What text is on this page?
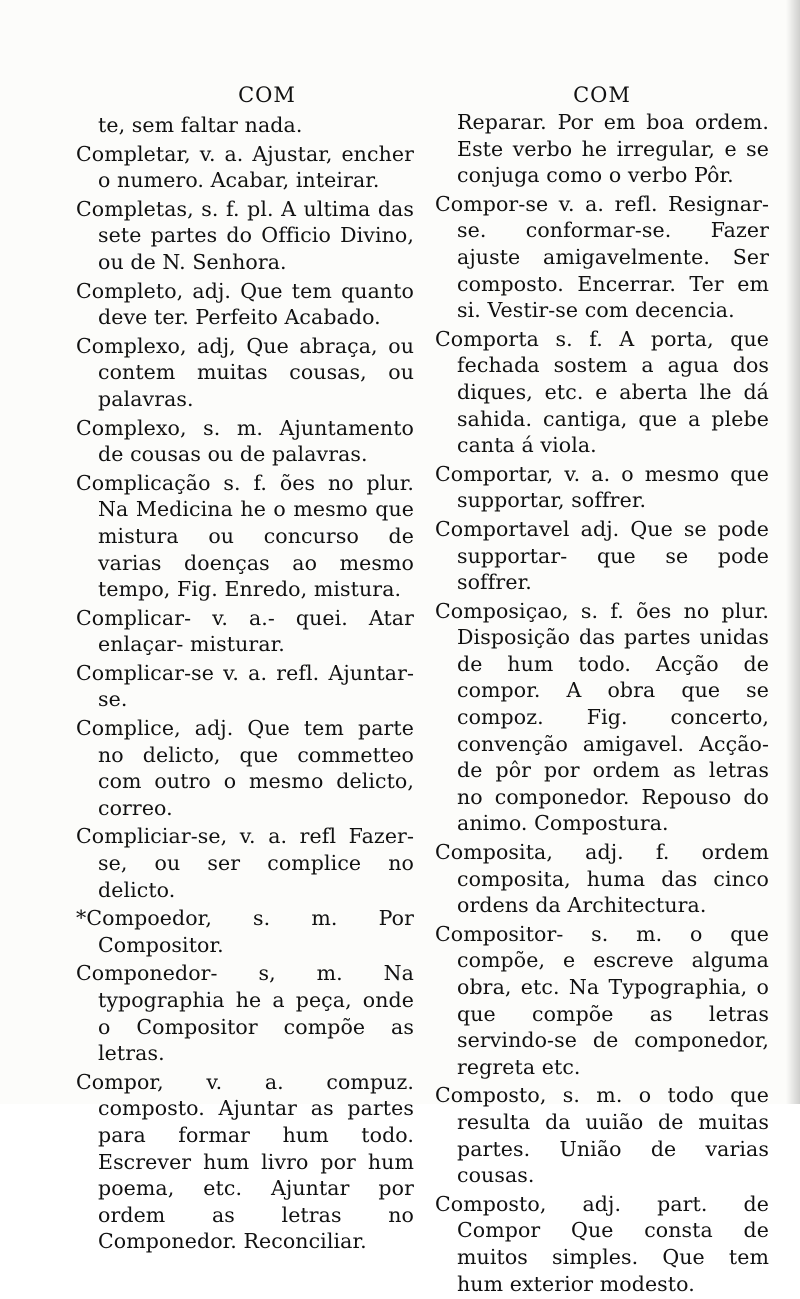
COM

te, sem faltar nada.

Completar, v. a. Ajustar, encher o numero. Acabar, inteirar.

Completas, s. f. pl. A ultima das sete partes do Officio Divino, ou de N. Senhora.

Completo, adj. Que tem quanto deve ter. Perfeito Acabado.

Complexo, adj, Que abraça, ou contem muitas cousas, ou palavras.

Complexo, s. m. Ajuntamento de cousas ou de palavras.

Complicação s. f. ões no plur. Na Medicina he o mesmo que mistura ou concurso de varias doenças ao mesmo tempo, Fig. Enredo, mistura.

Complicar- v. a.- quei. Atar enlaçar- misturar.

Complicar-se v. a. refl. Ajuntar-se.

Complice, adj. Que tem parte no delicto, que commetteo com outro o mesmo delicto, correo.

Compliciar-se, v. a. refl Fazer-se, ou ser complice no delicto.

*Compoedor, s. m. Por Compositor.

Componedor- s, m. Na typographia he a peça, onde o Compositor compõe as letras.

Compor, v. a. compuz. composto. Ajuntar as partes para formar hum todo. Escrever hum livro por hum poema, etc. Ajuntar por ordem as letras no Componedor. Reconciliar.

COM

Reparar. Por em boa ordem. Este verbo he irregular, e se conjuga como o verbo Pôr.

Compor-se v. a. refl. Resignar-se. conformar-se. Fazer ajuste amigavelmente. Ser composto. Encerrar. Ter em si. Vestir-se com decencia.

Comporta s. f. A porta, que fechada sostem a agua dos diques, etc. e aberta lhe dá sahida. cantiga, que a plebe canta á viola.

Comportar, v. a. o mesmo que supportar, soffrer.

Comportavel adj. Que se pode supportar- que se pode soffrer.

Composiçao, s. f. ões no plur. Disposição das partes unidas de hum todo. Acção de compor. A obra que se compoz. Fig. concerto, convenção amigavel. Acção- de pôr por ordem as letras no componedor. Repouso do animo. Compostura.

Composita, adj. f. ordem composita, huma das cinco ordens da Architectura.

Compositor- s. m. o que compõe, e escreve alguma obra, etc. Na Typographia, o que compõe as letras servindo-se de componedor, regreta etc.

Composto, s. m. o todo que resulta da uuião de muitas partes. União de varias cousas.

Composto, adj. part. de Compor Que consta de muitos simples. Que tem hum exterior modesto.
